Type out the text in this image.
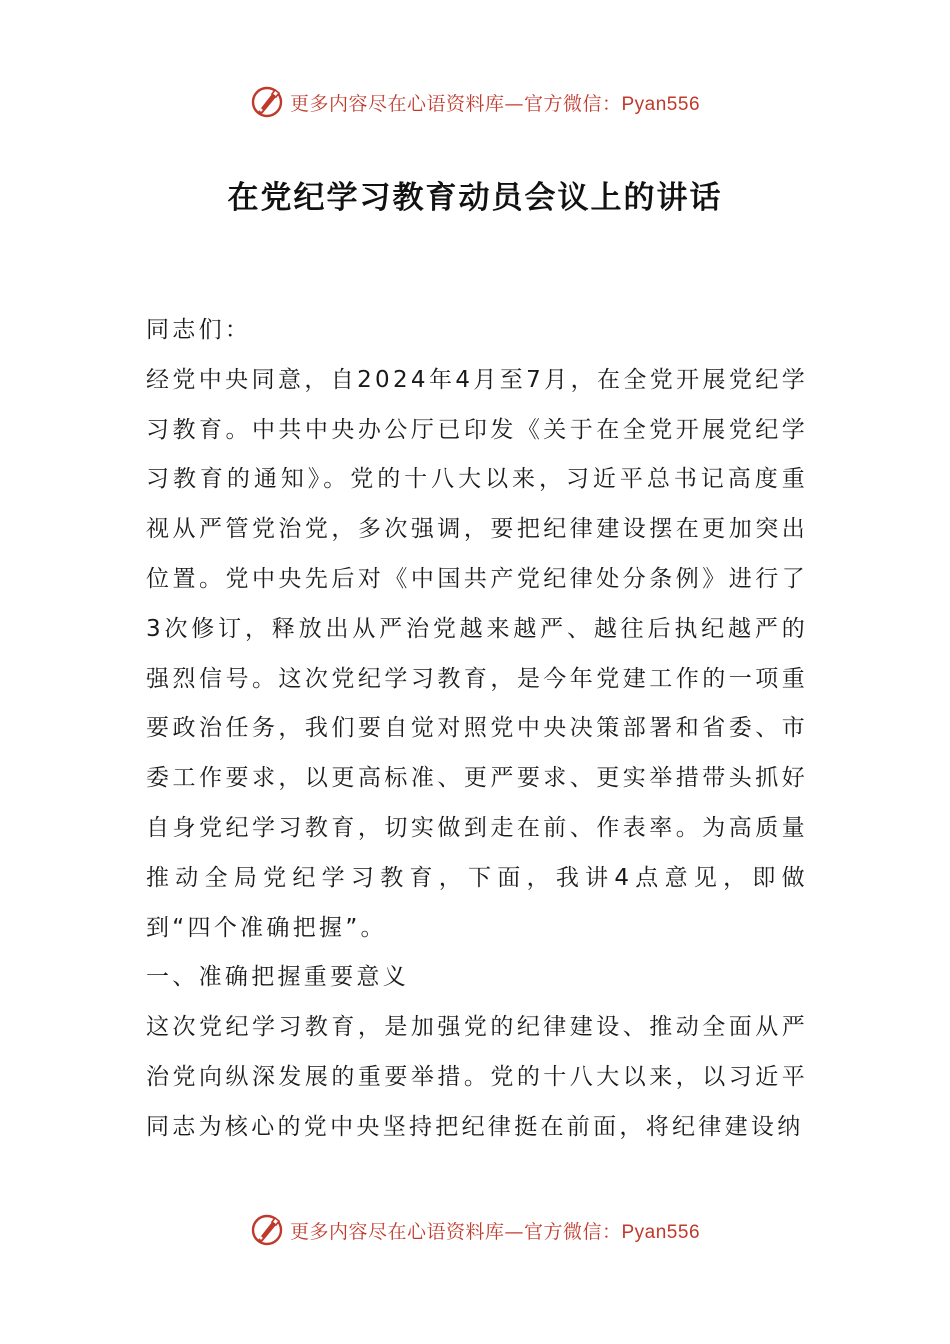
更多内容尽在心语资料库—官方微信：Pyan556
在党纪学习教育动员会议上的讲话

同志们：

经党中央同意，自2024年4月至7月，在全党开展党纪学习教育。中共中央办公厅已印发《关于在全党开展党纪学习教育的通知》。党的十八大以来，习近平总书记高度重视从严管党治党，多次强调，要把纪律建设摆在更加突出位置。党中央先后对《中国共产党纪律处分条例》进行了3次修订，释放出从严治党越来越严、越往后执纪越严的强烈信号。这次党纪学习教育，是今年党建工作的一项重要政治任务，我们要自觉对照党中央决策部署和省委、市委工作要求，以更高标准、更严要求、更实举措带头抓好自身党纪学习教育，切实做到走在前、作表率。为高质量推动全局党纪学习教育，下面，我讲4点意见，即做到“四个准确把握”。

一、准确把握重要意义

这次党纪学习教育，是加强党的纪律建设、推动全面从严治党向纵深发展的重要举措。党的十八大以来，以习近平同志为核心的党中央坚持把纪律挺在前面，将纪律建设纳

更多内容尽在心语资料库—官方微信：Pyan556
